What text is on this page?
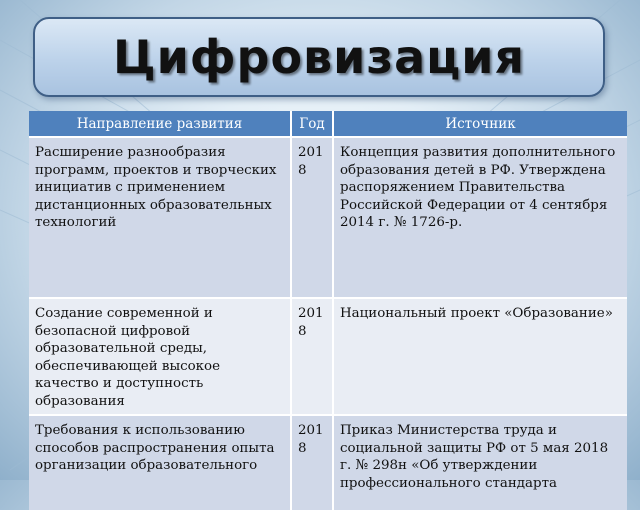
Цифровизация
Направление развития	Год	Источник

Расширение разнообразия программ, проектов и творческих
инициатив с применением дистанционных образовательных технологий	2018	Концепция развития дополнительного образования детей в РФ. Утверждена распоряжением Правительства Российской Федерации от 4 сентября 2014 г. № 1726-р.

Создание современной и безопасной цифровой образовательной среды, обеспечивающей высокое качество и доступность образования	2018	Национальный проект «Образование»

Требования к использованию способов распространения опыта
организации образовательного	2018	Приказ Министерства труда и социальной защиты РФ от 5 мая 2018 г. № 298н «Об утверждении профессионального стандарта
